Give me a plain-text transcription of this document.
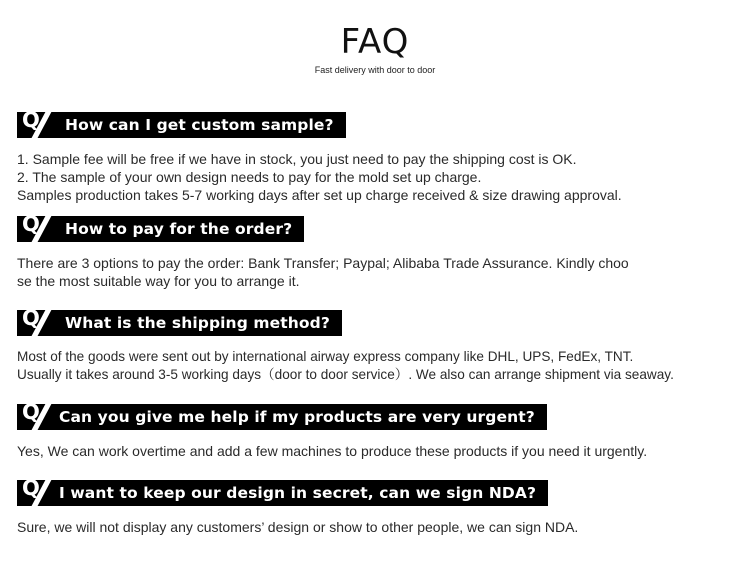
FAQ
Fast delivery with door to door
Q	How can I get custom sample?
1. Sample fee will be free if we have in stock, you just need to pay the shipping cost is OK.
2. The sample of your own design needs to pay for the mold set up charge.
Samples production takes 5-7 working days after set up charge received & size drawing approval.
Q	How to pay for the order?
There are 3 options to pay the order: Bank Transfer; Paypal; Alibaba Trade Assurance. Kindly choo
se the most suitable way for you to arrange it.
Q	What is the shipping method?
Most of the goods were sent out by international airway express company like DHL, UPS, FedEx, TNT.
Usually it takes around 3-5 working days（door to door service）. We also can arrange shipment via seaway.
Q	Can you give me help if my products are very urgent?
Yes, We can work overtime and add a few machines to produce these products if you need it urgently.
Q	I want to keep our design in secret, can we sign NDA?
Sure, we will not display any customers’ design or show to other people, we can sign NDA.
